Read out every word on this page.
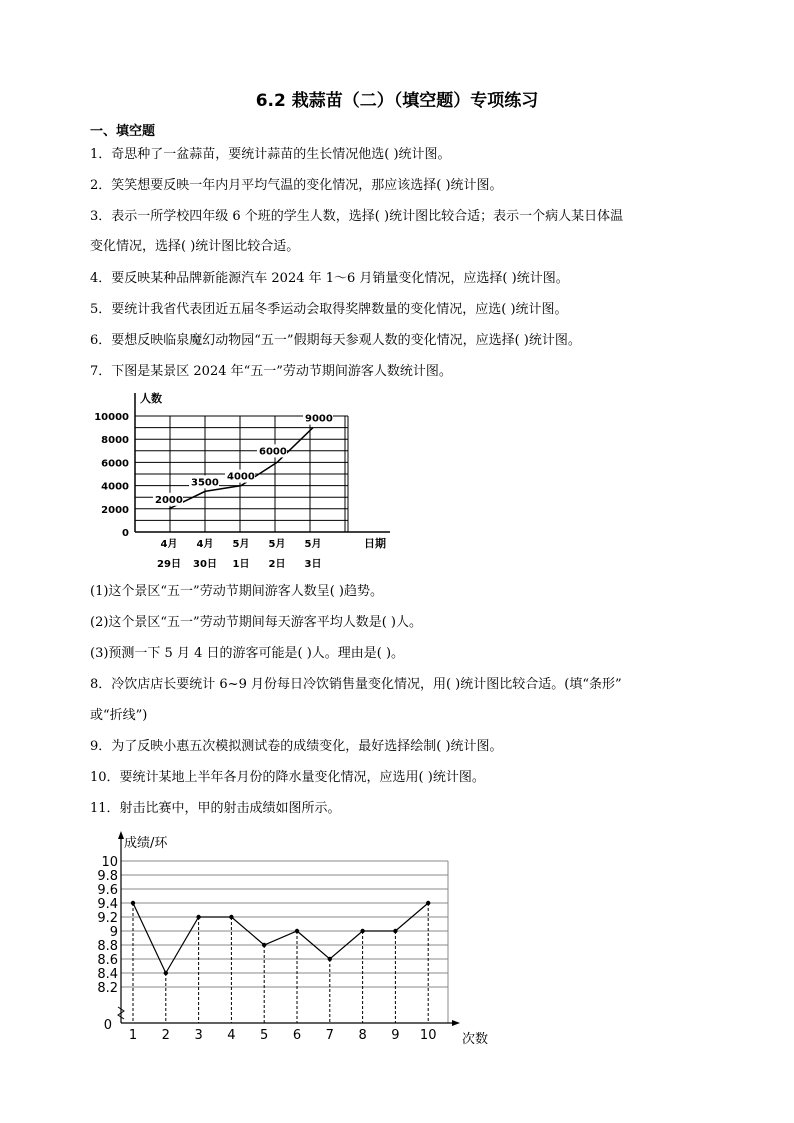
6.2 栽蒜苗（二）（填空题）专项练习
一、填空题
1．奇思种了一盆蒜苗，要统计蒜苗的生长情况他选( )统计图。
2．笑笑想要反映一年内月平均气温的变化情况，那应该选择( )统计图。
3．表示一所学校四年级 6 个班的学生人数，选择( )统计图比较合适；表示一个病人某日体温
变化情况，选择( )统计图比较合适。
4．要反映某种品牌新能源汽车 2024 年 1～6 月销量变化情况，应选择( )统计图。
5．要统计我省代表团近五届冬季运动会取得奖牌数量的变化情况，应选( )统计图。
6．要想反映临泉魔幻动物园“五一”假期每天参观人数的变化情况，应选择( )统计图。
7．下图是某景区 2024 年“五一”劳动节期间游客人数统计图。
0
2000
4000
6000
8000
10000
人数
日期
2000
3500
4000
6000
9000
4月
29日
4月
30日
5月
1日
5月
2日
5月
3日
(1)这个景区“五一”劳动节期间游客人数呈( )趋势。
(2)这个景区“五一”劳动节期间每天游客平均人数是( )人。
(3)预测一下 5 月 4 日的游客可能是( )人。理由是( )。
8．冷饮店店长要统计 6~9 月份每日冷饮销售量变化情况，用( )统计图比较合适。(填“条形”
或“折线”)
9．为了反映小惠五次模拟测试卷的成绩变化，最好选择绘制( )统计图。
10．要统计某地上半年各月份的降水量变化情况，应选用( )统计图。
11．射击比赛中，甲的射击成绩如图所示。
0
8.2
8.4
8.6
8.8
9
9.2
9.4
9.6
9.8
10
成绩/环
次数
1 2 3 4 5 6 7 8 9 10
